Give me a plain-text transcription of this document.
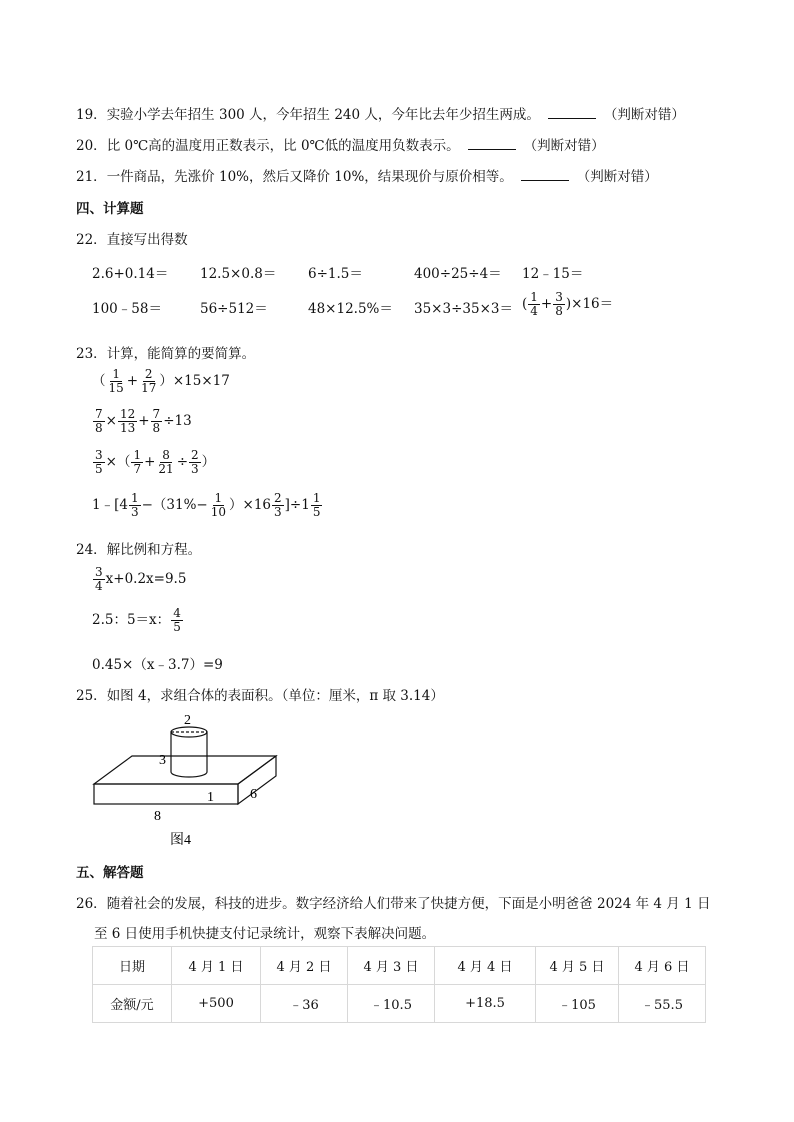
19．实验小学去年招生 300 人，今年招生 240 人，今年比去年少招生两成。	（判断对错）
20．比 0℃高的温度用正数表示，比 0℃低的温度用负数表示。	（判断对错）
21．一件商品，先涨价 10%，然后又降价 10%，结果现价与原价相等。	（判断对错）
四、计算题
22．直接写出得数
2.6+0.14＝ 12.5×0.8＝ 6÷1.5＝	400÷25÷4＝ 12﹣15＝
100﹣58＝	56÷512＝	48×12.5%＝ 35×3÷35×3＝ ( $\frac{1}{4} + \frac{3}{8} )\times 16=$
23．计算，能简算的要简算。
（ $\frac{1}{15} + \frac{2}{17} )\times 15\times 17$
$\frac{7}{8} \times \frac{12}{13} + \frac{7}{8} \div 13$
$\frac{3}{5}$ ×（ $\frac{1}{7} + \frac{8}{21} \div \frac{2}{3}$ ）
1﹣[4 $\frac{1}{3} -(31\%- \frac{1}{10} )\times 16 \frac{2}{3} ]\div 1 \frac{1}{5}$
24．解比例和方程。
$\frac{3}{4} x+0.2x=9.5$
2.5：5＝x： $\frac{4}{5}$
0.45×（x﹣3.7）=9
25．如图 4，求组合体的表面积。（单位：厘米，π 取 3.14）
2
3
1	6
8
图4
五、解答题
26．随着社会的发展，科技的进步。数字经济给人们带来了快捷方便，下面是小明爸爸 2024 年 4 月 1 日
至 6 日使用手机快捷支付记录统计，观察下表解决问题。
日期	4 月 1 日	4 月 2 日	4 月 3 日	4 月 4 日	4 月 5 日	4 月 6 日
金额/元	+500	﹣36	﹣10.5	+18.5	﹣105	﹣55.5
